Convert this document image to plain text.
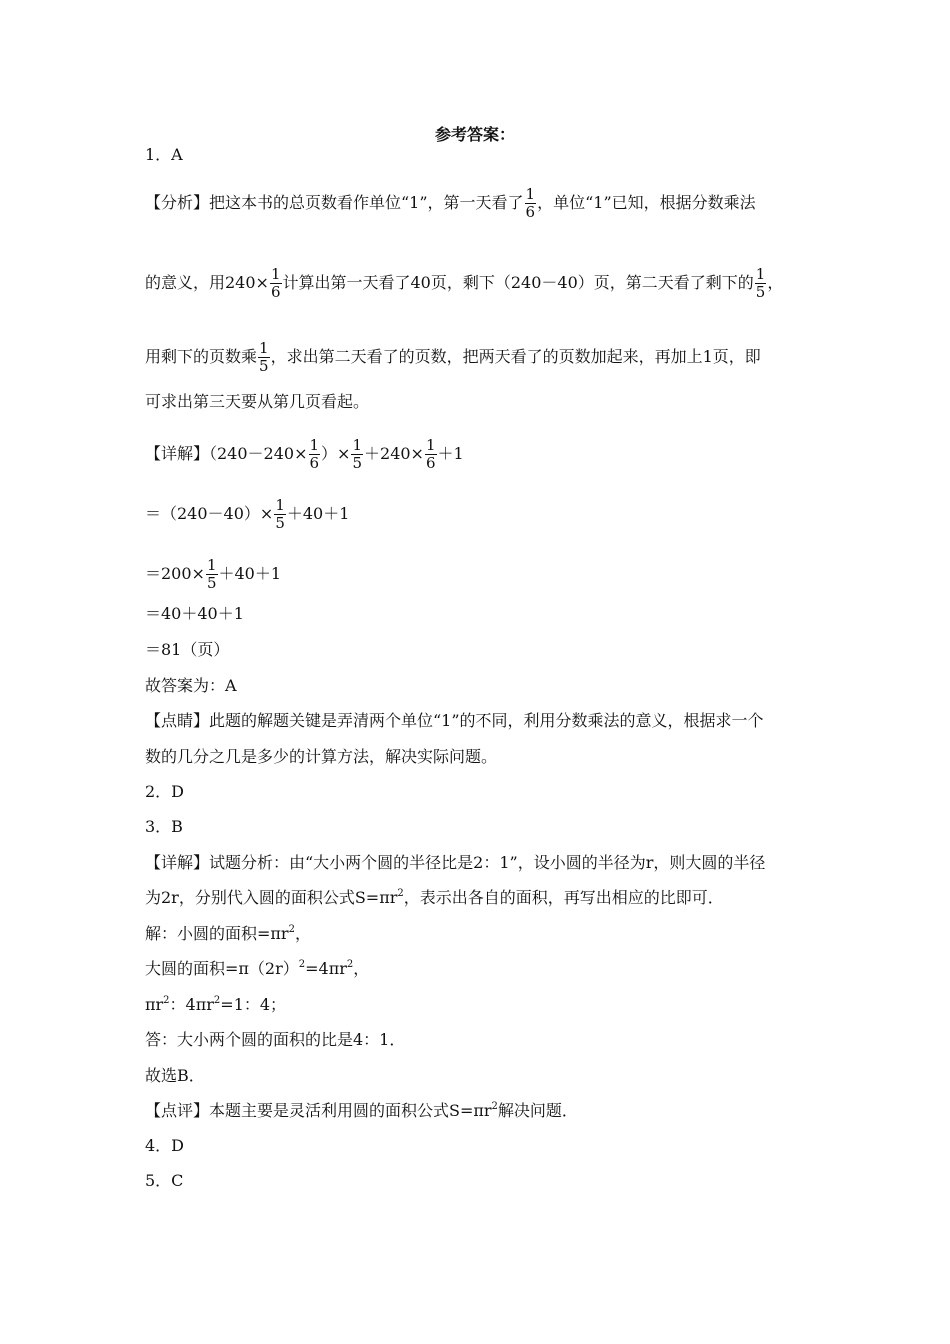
参考答案：
1．A
【分析】把这本书的总页数看作单位“1”，第一天看了 $\frac{1}{6}$ ，单位“1”已知，根据分数乘法
的意义，用$240\times \frac{1}{6}$ 计算出第一天看了40页，剩下（240－40）页，第二天看了剩下的 $\frac{1}{5}$ ，
用剩下的页数乘 $\frac{1}{5}$ ，求出第二天看了的页数，把两天看了的页数加起来，再加上1页，即
可求出第三天要从第几页看起。
【详解】（$240-240\times \frac{1}{6}$ ）× $\frac{1}{5} +240\times \frac{1}{6} +1$
$=(240-40)\times \frac{1}{5} +40+1$
$=200\times \frac{1}{5} +40+1$
＝40＋40＋1
＝81（页）
故答案为：A
【点睛】此题的解题关键是弄清两个单位“1”的不同，利用分数乘法的意义，根据求一个
数的几分之几是多少的计算方法，解决实际问题。
2．D
3．B
【详解】试题分析：由“大小两个圆的半径比是2：1”，设小圆的半径为r，则大圆的半径
为2r，分别代入圆的面积公式$S=\pi r^2$，表示出各自的面积，再写出相应的比即可．
解：小圆的面积$=\pi r^2$，
大圆的面积$=\pi(2r)^2=4\pi r^2$，
$\pi r^2$：$4\pi r^2=1$：4；
答：大小两个圆的面积的比是4：1．
故选B．
【点评】本题主要是灵活利用圆的面积公式$S=\pi r^2$解决问题．
4．D
5．C
